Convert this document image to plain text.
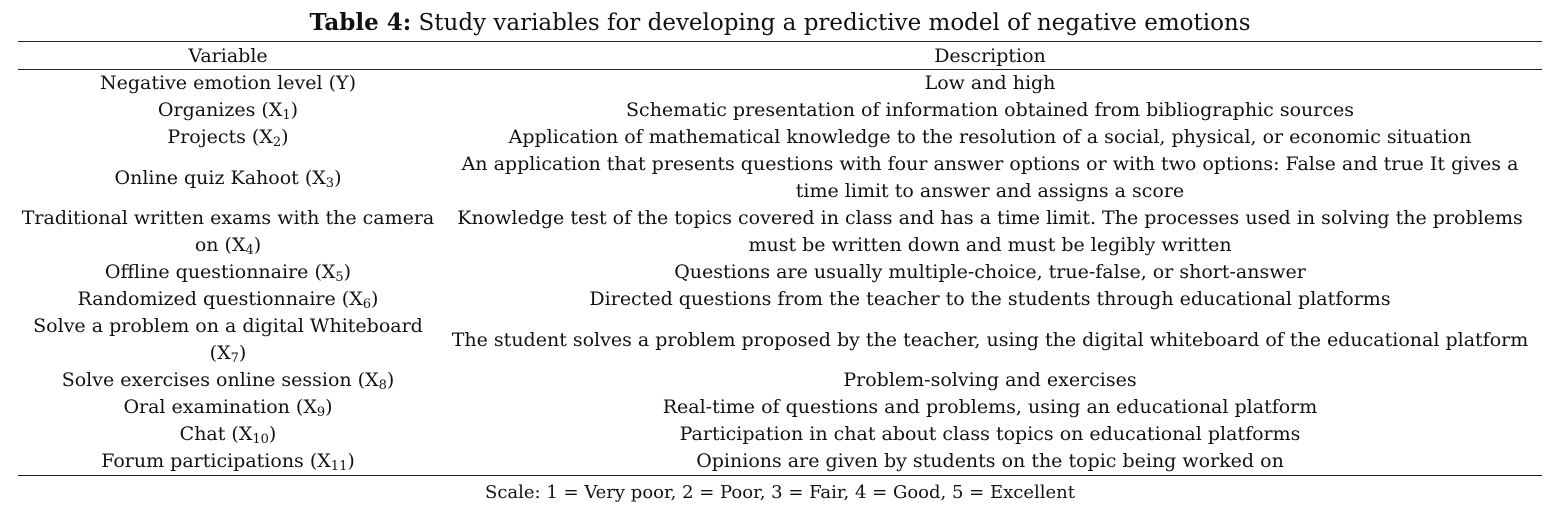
Table 4: Study variables for developing a predictive model of negative emotions
Variable	Description
Negative emotion level (Y)	Low and high
Organizes $(X_1)$	Schematic presentation of information obtained from bibliographic sources
Projects $(X_2)$	Application of mathematical knowledge to the resolution of a social, physical, or economic situation
Online quiz Kahoot $(X_3)$	An application that presents questions with four answer options or with two options: False and true It gives a time limit to answer and assigns a score
Traditional written exams with the camera on $(X_4)$	Knowledge test of the topics covered in class and has a time limit. The processes used in solving the problems must be written down and must be legibly written
Offline questionnaire $(X_5)$	Questions are usually multiple-choice, true-false, or short-answer
Randomized questionnaire $(X_6)$	Directed questions from the teacher to the students through educational platforms
Solve a problem on a digital Whiteboard $(X_7)$	The student solves a problem proposed by the teacher, using the digital whiteboard of the educational platform
Solve exercises online session $(X_8)$	Problem-solving and exercises
Oral examination $(X_9)$	Real-time of questions and problems, using an educational platform
Chat $(X_{10})$	Participation in chat about class topics on educational platforms
Forum participations $(X_{11})$	Opinions are given by students on the topic being worked on
Scale: 1 = Very poor, 2 = Poor, 3 = Fair, 4 = Good, 5 = Excellent
